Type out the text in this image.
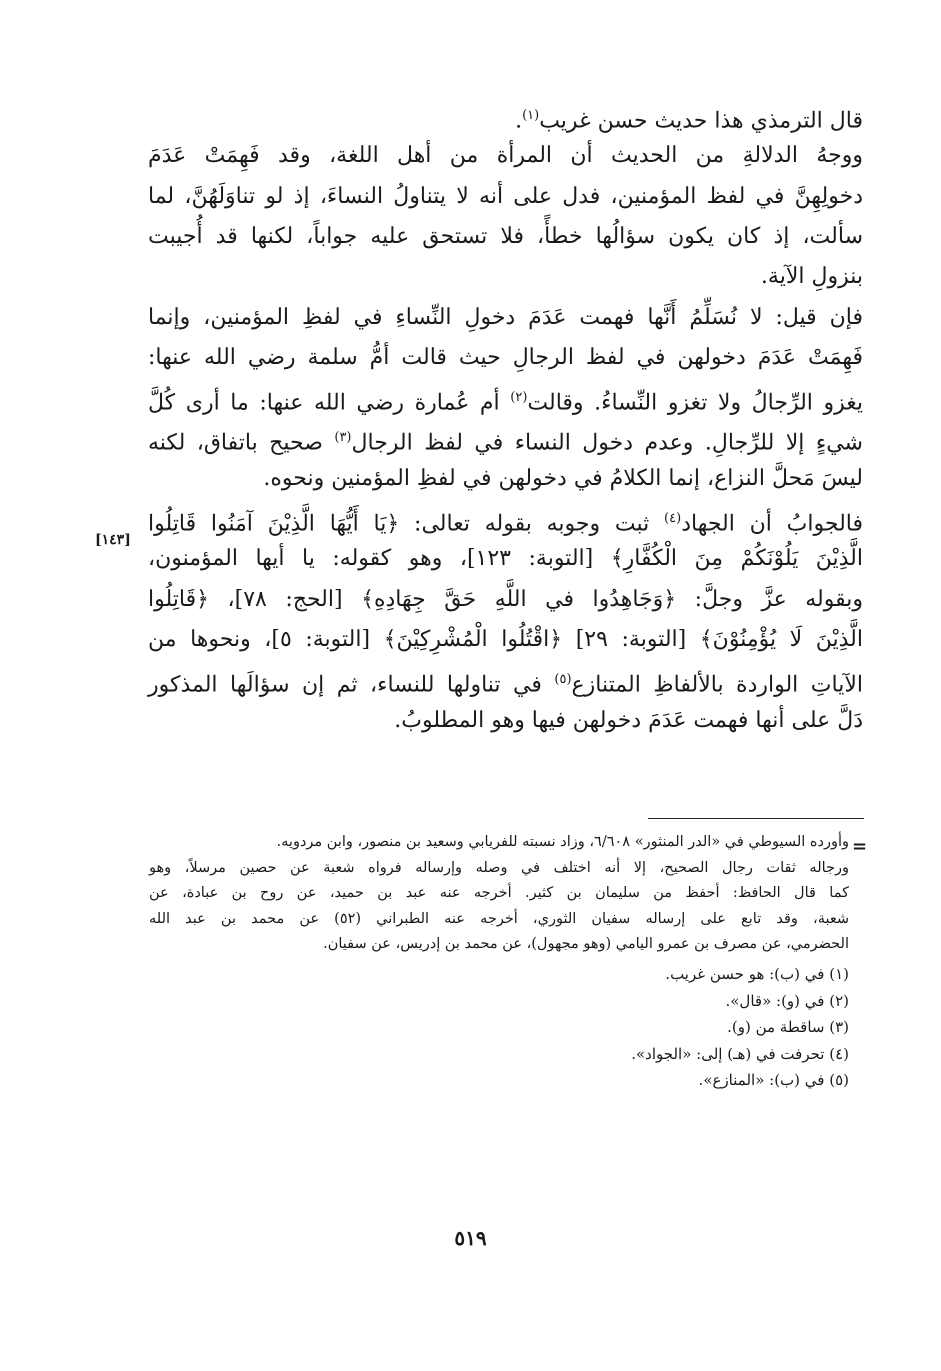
قال الترمذي هذا حديث حسن غريب$^{(١)}$.
ووجهُ الدلالةِ من الحديث أن المرأة من أهل اللغة، وقد فَهِمَتْ عَدَمَ
دخولِهِنَّ في لفظ المؤمنين، فدل على أنه لا يتناولُ النساءَ، إذ لو تناوَلَهُنَّ، لما
سألت، إذ كان يكون سؤالُها خطأً، فلا تستحق عليه جواباً، لكنها قد أُجيبت
بنزولِ الآية.
فإن قيل: لا نُسَلِّمُ أَنَّها فهمت عَدَمَ دخولِ النِّساءِ في لفظِ المؤمنين، وإنما
فَهِمَتْ عَدَمَ دخولهن في لفظ الرجالِ حيث قالت أمُّ سلمة رضي الله عنها:
يغزو الرِّجالُ ولا تغزو النِّساءُ. وقالت$^{(٢)}$ أم عُمارة رضي الله عنها: ما أرى كُلَّ
شيءٍ إلا للرِّجالِ. وعدم دخول النساء في لفظ الرجال$^{(٣)}$ صحيح باتفاق، لكنه
ليسَ مَحلَّ النزاع، إنما الكلامُ في دخولهن في لفظِ المؤمنين ونحوه.
فالجوابُ أن الجهاد$^{(٤)}$ ثبت وجوبه بقوله تعالى: ﴿يَا أَيُّهَا الَّذِيْنَ آمَنُوا قَاتِلُوا
الَّذِيْنَ يَلُوْنَكُمْ مِنَ الْكُفَّارِ﴾ [التوبة: ١٢٣]، وهو كقوله: يا أيها المؤمنون،
وبقوله عزَّ وجلَّ: ﴿وَجَاهِدُوا في اللَّهِ حَقَّ جِهَادِهِ﴾ [الحج: ٧٨]، ﴿قَاتِلُوا
الَّذِيْنَ لَا يُؤْمِنُوْنَ﴾ [التوبة: ٢٩] ﴿اقْتُلُوا الْمُشْرِكِيْنَ﴾ [التوبة: ٥]، ونحوها من
الآياتِ الواردة بالألفاظِ المتنازع$^{(٥)}$ في تناولها للنساء، ثم إن سؤالَها المذكور
دَلَّ على أنها فهمت عَدَمَ دخولهن فيها وهو المطلوبُ.
[١٤٣]
=
وأورده السيوطي في «الدر المنثور» ٦/٦٠٨، وزاد نسبته للفريابي وسعيد بن منصور، وابن مردويه.
ورجاله ثقات رجال الصحيح، إلا أنه اختلف في وصله وإرساله فرواه شعبة عن حصين مرسلاً، وهو
كما قال الحافظ: أحفظ من سليمان بن كثير. أخرجه عنه عبد بن حميد، عن روح بن عبادة، عن
شعبة، وقد تابع على إرساله سفيان الثوري، أخرجه عنه الطبراني (٥٢) عن محمد بن عبد الله
الحضرمي، عن مصرف بن عمرو اليامي (وهو مجهول)، عن محمد بن إدريس، عن سفيان.
(١) في (ب): هو حسن غريب.
(٢) في (و): «قال».
(٣) ساقطة من (و).
(٤) تحرفت في (هـ) إلى: «الجواد».
(٥) في (ب): «المنازع».
٥١٩
